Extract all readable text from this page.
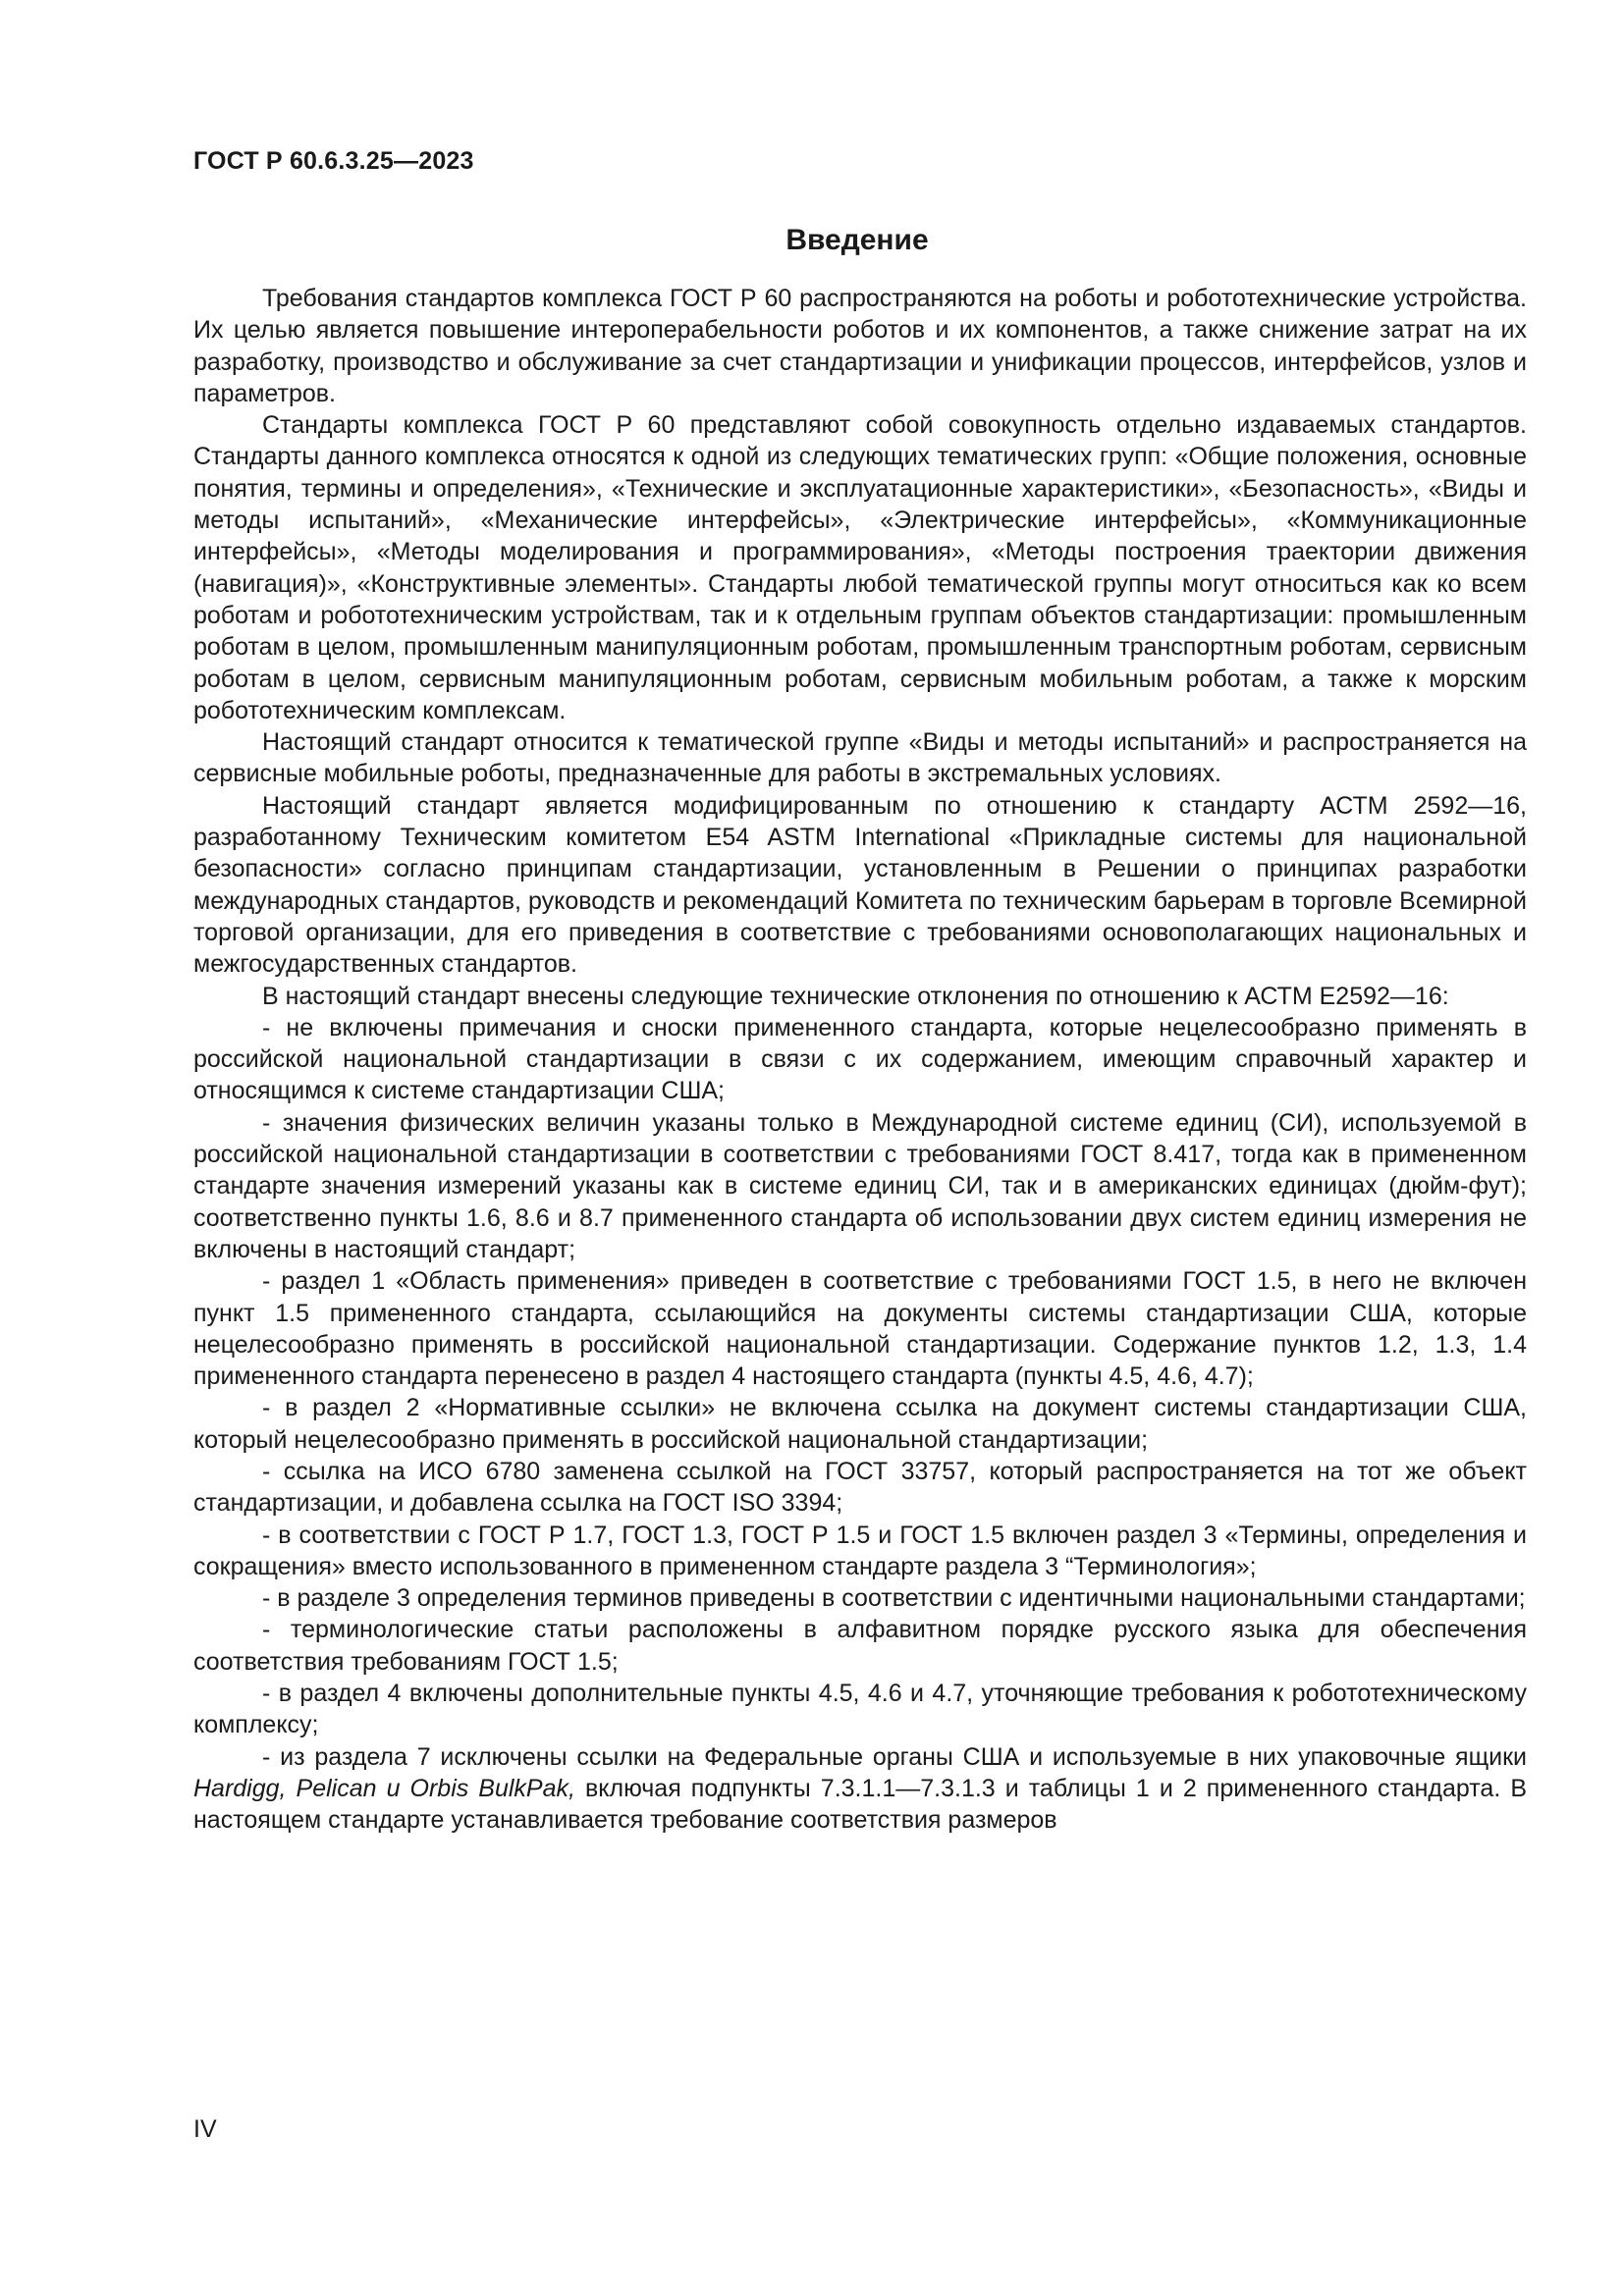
ГОСТ Р 60.6.3.25—2023
Введение

Требования стандартов комплекса ГОСТ Р 60 распространяются на роботы и робототехнические устройства. Их целью является повышение интероперабельности роботов и их компонентов, а также снижение затрат на их разработку, производство и обслуживание за счет стандартизации и унификации процессов, интерфейсов, узлов и параметров.

Стандарты комплекса ГОСТ Р 60 представляют собой совокупность отдельно издаваемых стандартов. Стандарты данного комплекса относятся к одной из следующих тематических групп: «Общие положения, основные понятия, термины и определения», «Технические и эксплуатационные характеристики», «Безопасность», «Виды и методы испытаний», «Механические интерфейсы», «Электрические интерфейсы», «Коммуникационные интерфейсы», «Методы моделирования и программирования», «Методы построения траектории движения (навигация)», «Конструктивные элементы». Стандарты любой тематической группы могут относиться как ко всем роботам и робототехническим устройствам, так и к отдельным группам объектов стандартизации: промышленным роботам в целом, промышленным манипуляционным роботам, промышленным транспортным роботам, сервисным роботам в целом, сервисным манипуляционным роботам, сервисным мобильным роботам, а также к морским робототехническим комплексам.

Настоящий стандарт относится к тематической группе «Виды и методы испытаний» и распространяется на сервисные мобильные роботы, предназначенные для работы в экстремальных условиях.

Настоящий стандарт является модифицированным по отношению к стандарту АСТМ 2592—16, разработанному Техническим комитетом E54 ASTM International «Прикладные системы для национальной безопасности» согласно принципам стандартизации, установленным в Решении о принципах разработки международных стандартов, руководств и рекомендаций Комитета по техническим барьерам в торговле Всемирной торговой организации, для его приведения в соответствие с требованиями основополагающих национальных и межгосударственных стандартов.

В настоящий стандарт внесены следующие технические отклонения по отношению к АСТМ E2592—16:

- не включены примечания и сноски примененного стандарта, которые нецелесообразно применять в российской национальной стандартизации в связи с их содержанием, имеющим справочный характер и относящимся к системе стандартизации США;

- значения физических величин указаны только в Международной системе единиц (СИ), используемой в российской национальной стандартизации в соответствии с требованиями ГОСТ 8.417, тогда как в примененном стандарте значения измерений указаны как в системе единиц СИ, так и в американских единицах (дюйм-фут); соответственно пункты 1.6, 8.6 и 8.7 примененного стандарта об использовании двух систем единиц измерения не включены в настоящий стандарт;

- раздел 1 «Область применения» приведен в соответствие с требованиями ГОСТ 1.5, в него не включен пункт 1.5 примененного стандарта, ссылающийся на документы системы стандартизации США, которые нецелесообразно применять в российской национальной стандартизации. Содержание пунктов 1.2, 1.3, 1.4 примененного стандарта перенесено в раздел 4 настоящего стандарта (пункты 4.5, 4.6, 4.7);

- в раздел 2 «Нормативные ссылки» не включена ссылка на документ системы стандартизации США, который нецелесообразно применять в российской национальной стандартизации;

- ссылка на ИСО 6780 заменена ссылкой на ГОСТ 33757, который распространяется на тот же объект стандартизации, и добавлена ссылка на ГОСТ ISO 3394;

- в соответствии с ГОСТ Р 1.7, ГОСТ 1.3, ГОСТ Р 1.5 и ГОСТ 1.5 включен раздел 3 «Термины, определения и сокращения» вместо использованного в примененном стандарте раздела 3 “Терминология»;

- в разделе 3 определения терминов приведены в соответствии с идентичными национальными стандартами;

- терминологические статьи расположены в алфавитном порядке русского языка для обеспечения соответствия требованиям ГОСТ 1.5;

- в раздел 4 включены дополнительные пункты 4.5, 4.6 и 4.7, уточняющие требования к робототехническому комплексу;

- из раздела 7 исключены ссылки на Федеральные органы США и используемые в них упаковочные ящики Hardigg, Pelican и Orbis BulkPak, включая подпункты 7.3.1.1—7.3.1.3 и таблицы 1 и 2 примененного стандарта. В настоящем стандарте устанавливается требование соответствия размеров

IV
